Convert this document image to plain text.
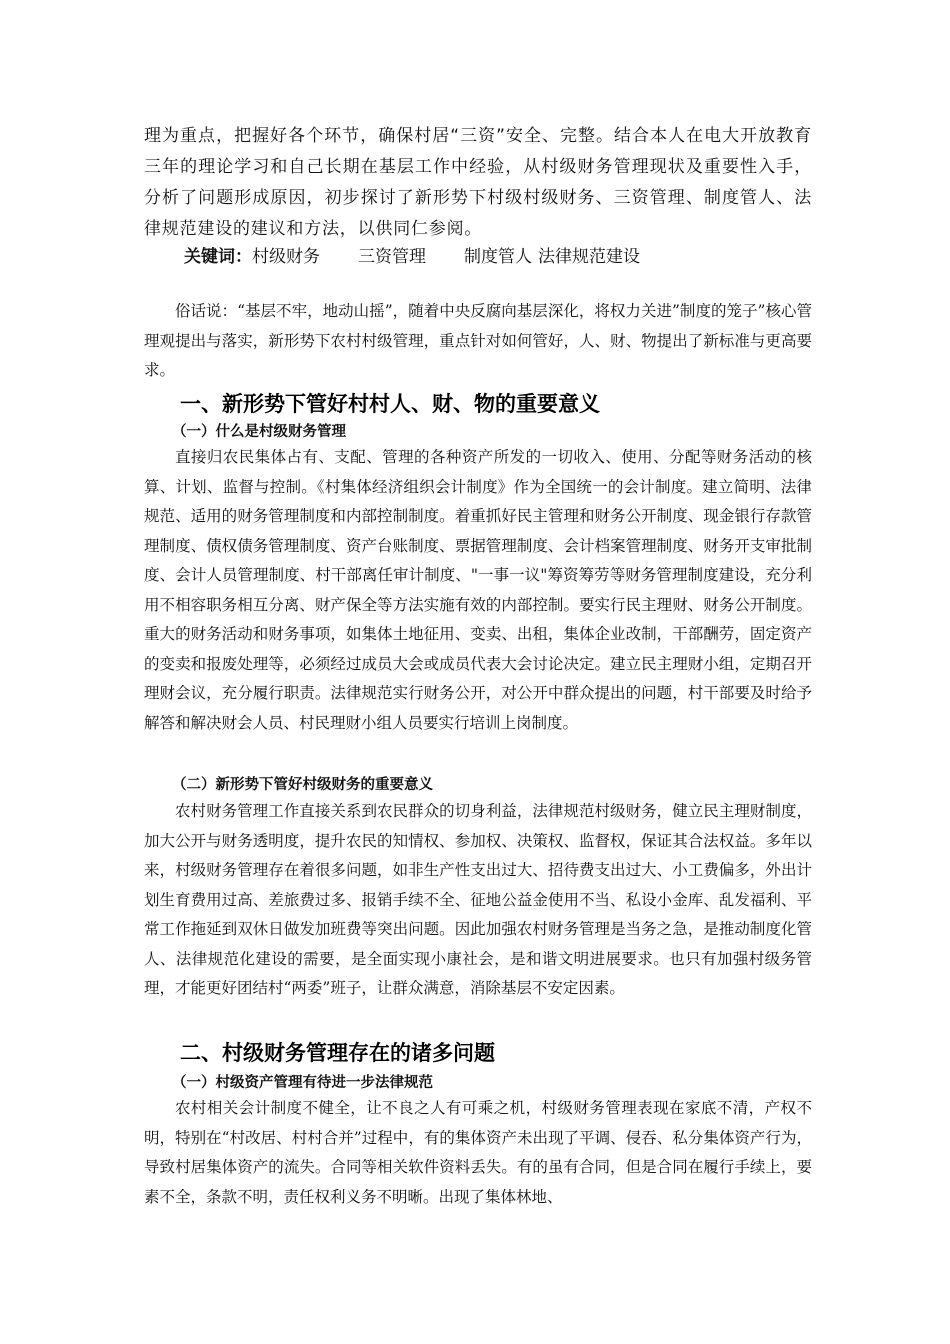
理为重点，把握好各个环节，确保村居“三资”安全、完整。结合本人在电大开放教育三年的理论学习和自己长期在基层工作中经验，从村级财务管理现状及重要性入手，分析了问题形成原因，初步探讨了新形势下村级村级财务、三资管理、制度管人、法律规范建设的建议和方法，以供同仁参阅。
关键词：村级财务 三资管理 制度管人 法律规范建设

俗话说：“基层不牢，地动山摇”，随着中央反腐向基层深化，将权力关进”制度的笼子”核心管理观提出与落实，新形势下农村村级管理，重点针对如何管好，人、财、物提出了新标准与更高要求。

一、新形势下管好村村人、财、物的重要意义
（一）什么是村级财务管理

直接归农民集体占有、支配、管理的各种资产所发的一切收入、使用、分配等财务活动的核算、计划、监督与控制。《村集体经济组织会计制度》作为全国统一的会计制度。建立简明、法律规范、适用的财务管理制度和内部控制制度。着重抓好民主管理和财务公开制度、现金银行存款管理制度、债权债务管理制度、资产台账制度、票据管理制度、会计档案管理制度、财务开支审批制度、会计人员管理制度、村干部离任审计制度、"一事一议"筹资筹劳等财务管理制度建设，充分利用不相容职务相互分离、财产保全等方法实施有效的内部控制。要实行民主理财、财务公开制度。重大的财务活动和财务事项，如集体土地征用、变卖、出租，集体企业改制，干部酬劳，固定资产的变卖和报废处理等，必须经过成员大会或成员代表大会讨论决定。建立民主理财小组，定期召开理财会议，充分履行职责。法律规范实行财务公开，对公开中群众提出的问题，村干部要及时给予解答和解决财会人员、村民理财小组人员要实行培训上岗制度。

（二）新形势下管好村级财务的重要意义

农村财务管理工作直接关系到农民群众的切身利益，法律规范村级财务，健立民主理财制度，加大公开与财务透明度，提升农民的知情权、参加权、决策权、监督权，保证其合法权益。多年以来，村级财务管理存在着很多问题，如非生产性支出过大、招待费支出过大、小工费偏多，外出计划生育费用过高、差旅费过多、报销手续不全、征地公益金使用不当、私设小金库、乱发福利、平常工作拖延到双休日做发加班费等突出问题。因此加强农村财务管理是当务之急，是推动制度化管人、法律规范化建设的需要，是全面实现小康社会，是和谐文明进展要求。也只有加强村级务管理，才能更好团结村“两委”班子，让群众满意，消除基层不安定因素。

二、村级财务管理存在的诸多问题
（一）村级资产管理有待进一步法律规范

农村相关会计制度不健全，让不良之人有可乘之机，村级财务管理表现在家底不清，产权不明，特别在“村改居、村村合并”过程中，有的集体资产未出现了平调、侵吞、私分集体资产行为，导致村居集体资产的流失。合同等相关软件资料丢失。有的虽有合同，但是合同在履行手续上，要素不全，条款不明，责任权利义务不明晰。出现了集体林地、
